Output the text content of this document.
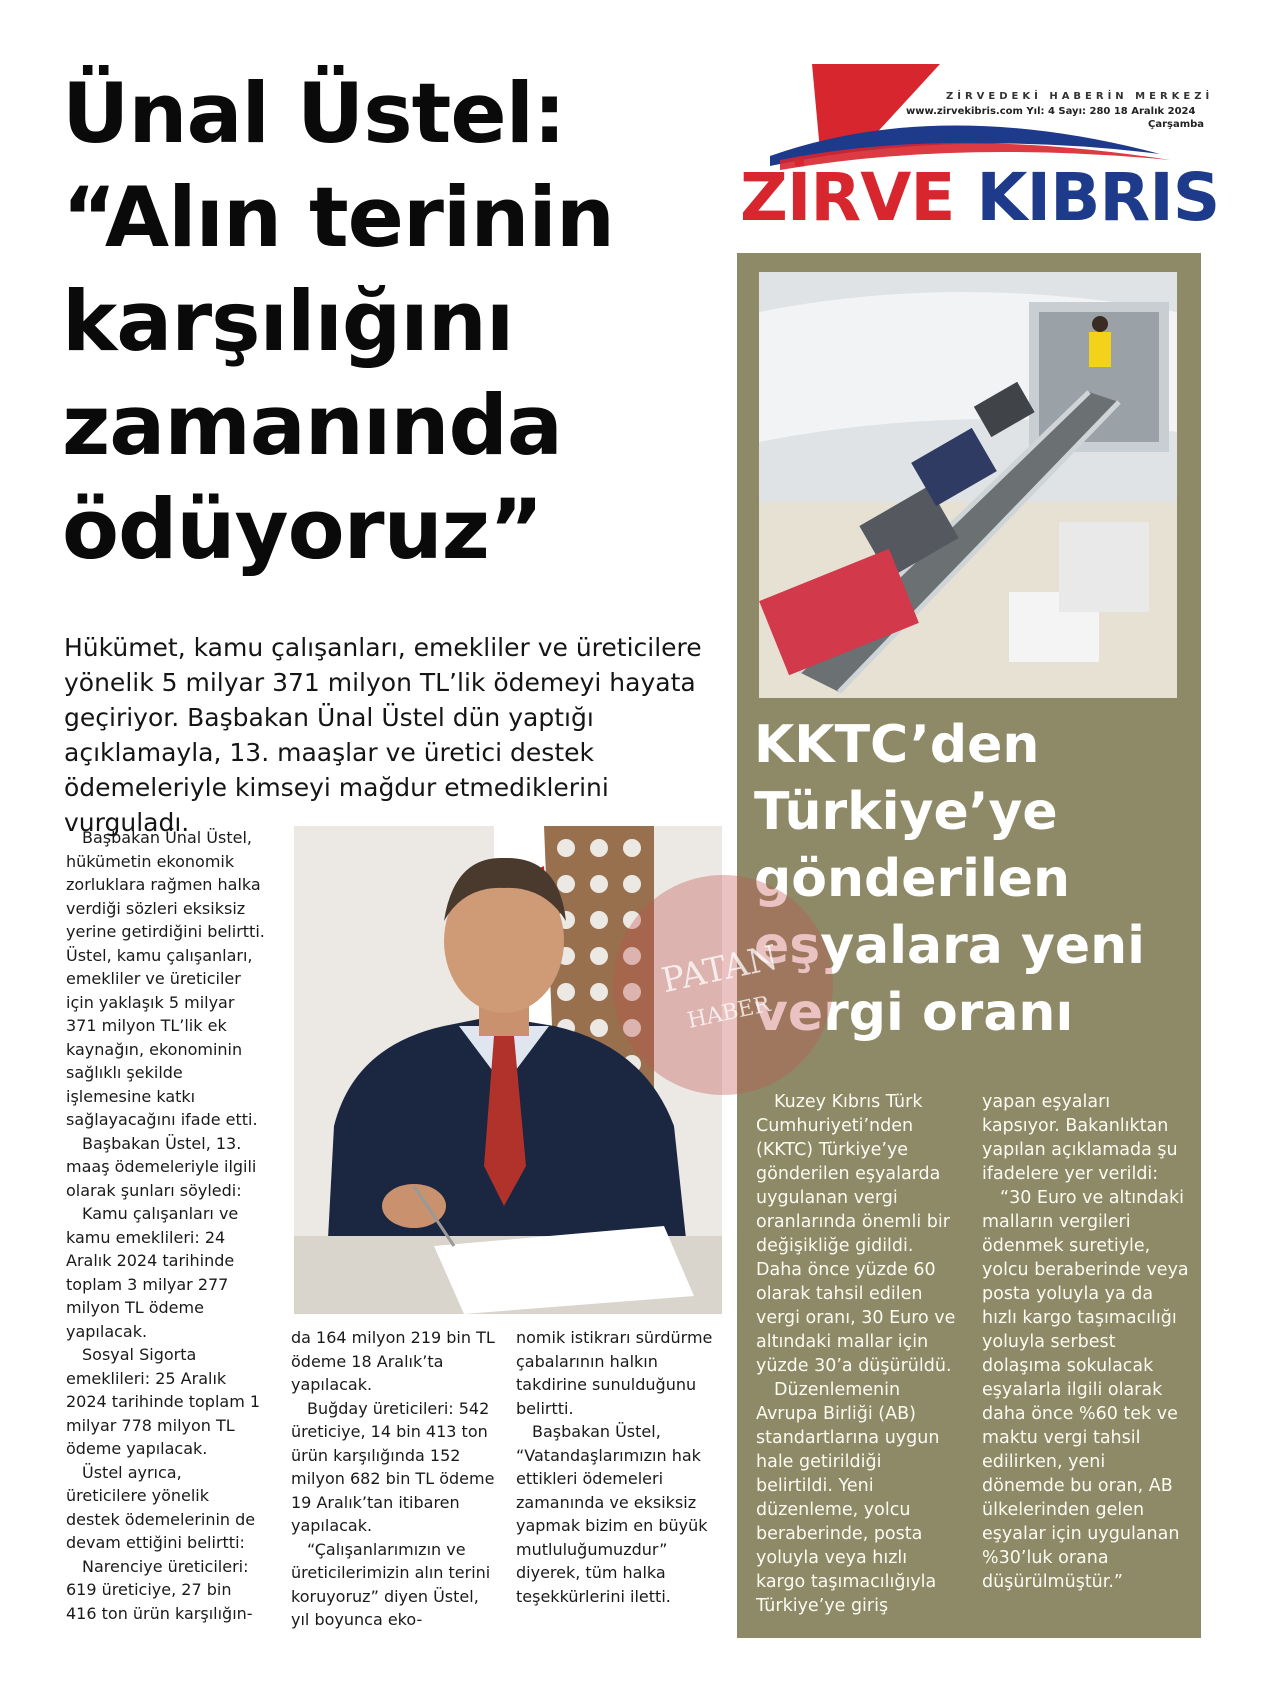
Ünal Üstel:
“Alın terinin
karşılığını
zamanında
ödüyoruz”

Hükümet, kamu çalışanları, emekliler ve üreticilere yönelik 5 milyar 371 milyon TL’lik ödemeyi hayata geçiriyor. Başbakan Ünal Üstel dün yaptığı açıklamayla, 13. maaşlar ve üretici destek ödemeleriyle kimseyi mağdur etmediklerini vurguladı.

Başbakan Ünal Üstel, hükümetin ekonomik zorluklara rağmen halka verdiği sözleri eksiksiz yerine getirdiğini belirtti. Üstel, kamu çalışanları, emekliler ve üreticiler için yaklaşık 5 milyar 371 milyon TL’lik ek kaynağın, ekonominin sağlıklı şekilde işlemesine katkı sağlayacağını ifade etti.

Başbakan Üstel, 13. maaş ödemeleriyle ilgili olarak şunları söyledi:

Kamu çalışanları ve kamu emeklileri: 24 Aralık 2024 tarihinde toplam 3 milyar 277 milyon TL ödeme yapılacak.

Sosyal Sigorta emeklileri: 25 Aralık 2024 tarihinde toplam 1 milyar 778 milyon TL ödeme yapılacak.

Üstel ayrıca, üreticilere yönelik destek ödemelerinin de devam ettiğini belirtti:

Narenciye üreticileri: 619 üreticiye, 27 bin 416 ton ürün karşılığın-

da 164 milyon 219 bin TL ödeme 18 Aralık’ta yapılacak.

Buğday üreticileri: 542 üreticiye, 14 bin 413 ton ürün karşılığında 152 milyon 682 bin TL ödeme 19 Aralık’tan itibaren yapılacak.

“Çalışanlarımızın ve üreticilerimizin alın terini koruyoruz” diyen Üstel, yıl boyunca eko-

nomik istikrarı sürdürme çabalarının halkın takdirine sunulduğunu belirtti.

Başbakan Üstel, “Vatandaşlarımızın hak ettikleri ödemeleri zamanında ve eksiksiz yapmak bizim en büyük mutluluğumuzdur” diyerek, tüm halka teşekkürlerini iletti.

ZİRVEDEKİ HABERİN MERKEZİ
www.zirvekibris.com Yıl: 4 Sayı: 280 18 Aralık 2024
Çarşamba
ZİRVE KIBRIS
KKTC’den
Türkiye’ye
gönderilen
eşyalara yeni
vergi oranı

Kuzey Kıbrıs Türk Cumhuriyeti’nden (KKTC) Türkiye’ye gönderilen eşyalarda uygulanan vergi oranlarında önemli bir değişikliğe gidildi. Daha önce yüzde 60 olarak tahsil edilen vergi oranı, 30 Euro ve altındaki mallar için yüzde 30’a düşürüldü.

Düzenlemenin Avrupa Birliği (AB) standartlarına uygun hale getirildiği belirtildi. Yeni düzenleme, yolcu beraberinde, posta yoluyla veya hızlı kargo taşımacılığıyla Türkiye’ye giriş

yapan eşyaları kapsıyor. Bakanlıktan yapılan açıklamada şu ifadelere yer verildi:

“30 Euro ve altındaki malların vergileri ödenmek suretiyle, yolcu beraberinde veya posta yoluyla ya da hızlı kargo taşımacılığı yoluyla serbest dolaşıma sokulacak eşyalarla ilgili olarak daha önce %60 tek ve maktu vergi tahsil edilirken, yeni dönemde bu oran, AB ülkelerinden gelen eşyalar için uygulanan %30’luk orana düşürülmüştür.”

PATAN
HABER
